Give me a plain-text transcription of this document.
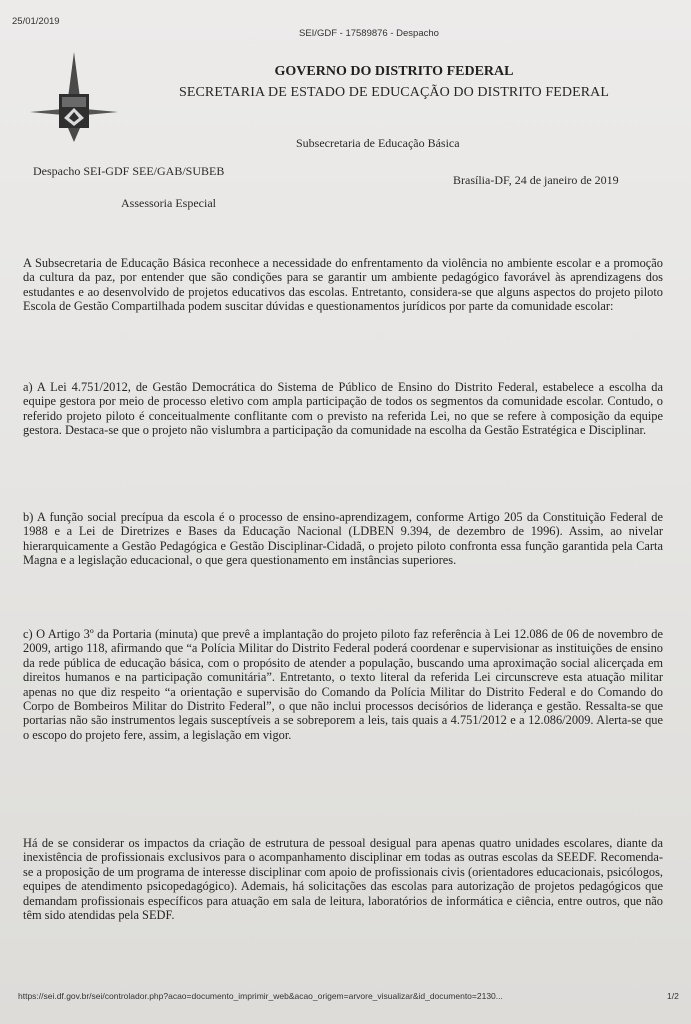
25/01/2019
SEI/GDF - 17589876 - Despacho
GOVERNO DO DISTRITO FEDERAL
SECRETARIA DE ESTADO DE EDUCAÇÃO DO DISTRITO FEDERAL
Subsecretaria de Educação Básica
Despacho SEI-GDF SEE/GAB/SUBEB
Brasília-DF, 24 de janeiro de 2019
Assessoria Especial

A Subsecretaria de Educação Básica reconhece a necessidade do enfrentamento da violência no ambiente escolar e a promoção da cultura da paz, por entender que são condições para se garantir um ambiente pedagógico favorável às aprendizagens dos estudantes e ao desenvolvido de projetos educativos das escolas. Entretanto, considera-se que alguns aspectos do projeto piloto Escola de Gestão Compartilhada podem suscitar dúvidas e questionamentos jurídicos por parte da comunidade escolar:

a) A Lei 4.751/2012, de Gestão Democrática do Sistema de Público de Ensino do Distrito Federal, estabelece a escolha da equipe gestora por meio de processo eletivo com ampla participação de todos os segmentos da comunidade escolar. Contudo, o referido projeto piloto é conceitualmente conflitante com o previsto na referida Lei, no que se refere à composição da equipe gestora. Destaca-se que o projeto não vislumbra a participação da comunidade na escolha da Gestão Estratégica e Disciplinar.

b) A função social precípua da escola é o processo de ensino-aprendizagem, conforme Artigo 205 da Constituição Federal de 1988 e a Lei de Diretrizes e Bases da Educação Nacional (LDBEN 9.394, de dezembro de 1996). Assim, ao nivelar hierarquicamente a Gestão Pedagógica e Gestão Disciplinar-Cidadã, o projeto piloto confronta essa função garantida pela Carta Magna e a legislação educacional, o que gera questionamento em instâncias superiores.

c) O Artigo 3º da Portaria (minuta) que prevê a implantação do projeto piloto faz referência à Lei 12.086 de 06 de novembro de 2009, artigo 118, afirmando que “a Polícia Militar do Distrito Federal poderá coordenar e supervisionar as instituições de ensino da rede pública de educação básica, com o propósito de atender a população, buscando uma aproximação social alicerçada em direitos humanos e na participação comunitária”. Entretanto, o texto literal da referida Lei circunscreve esta atuação militar apenas no que diz respeito “a orientação e supervisão do Comando da Polícia Militar do Distrito Federal e do Comando do Corpo de Bombeiros Militar do Distrito Federal”, o que não inclui processos decisórios de liderança e gestão. Ressalta-se que portarias não são instrumentos legais susceptíveis a se sobreporem a leis, tais quais a 4.751/2012 e a 12.086/2009. Alerta-se que o escopo do projeto fere, assim, a legislação em vigor.

Há de se considerar os impactos da criação de estrutura de pessoal desigual para apenas quatro unidades escolares, diante da inexistência de profissionais exclusivos para o acompanhamento disciplinar em todas as outras escolas da SEEDF. Recomenda-se a proposição de um programa de interesse disciplinar com apoio de profissionais civis (orientadores educacionais, psicólogos, equipes de atendimento psicopedagógico). Ademais, há solicitações das escolas para autorização de projetos pedagógicos que demandam profissionais específicos para atuação em sala de leitura, laboratórios de informática e ciência, entre outros, que não têm sido atendidas pela SEDF.

https://sei.df.gov.br/sei/controlador.php?acao=documento_imprimir_web&acao_origem=arvore_visualizar&id_documento=2130...	1/2
